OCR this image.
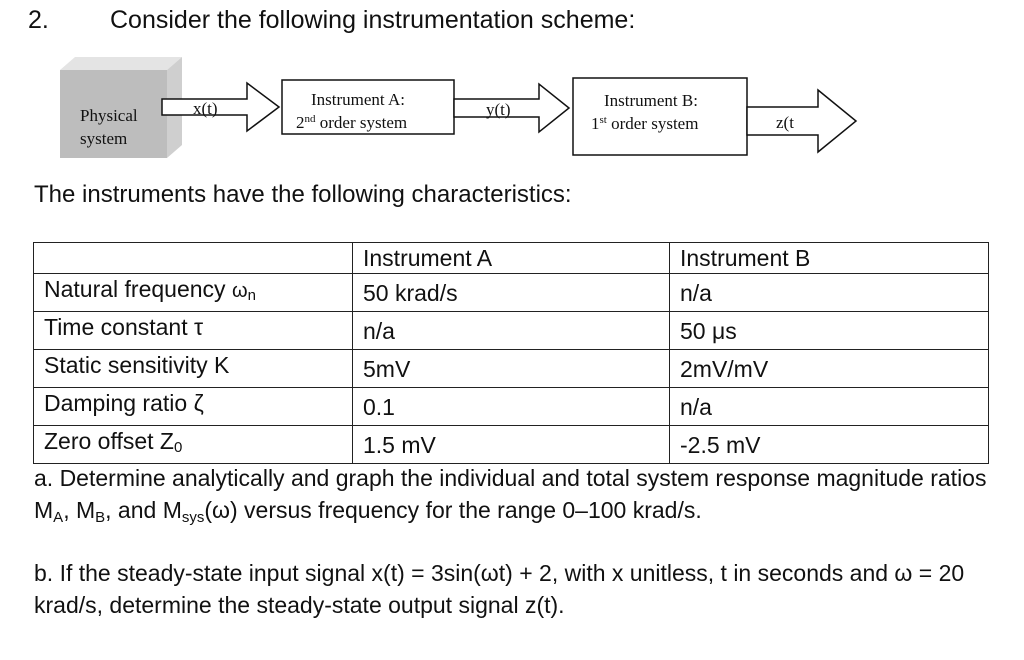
2. Consider the following instrumentation scheme:
Physical
system
x(t)	Instrument A:
2nd order system
y(t)	Instrument B:
1st order system	z(t
The instruments have the following characteristics:
	Instrument A	Instrument B
Natural frequency $\omega_n$	50 krad/s	n/a
Time constant τ	n/a	50 μs
Static sensitivity K	5mV	2mV/mV
Damping ratio ζ	0.1	n/a
Zero offset $Z_0$	1.5 mV	-2.5 mV

a. Determine analytically and graph the individual and total system response magnitude ratios MA, MB, and Msys(ω) versus frequency for the range 0–100 krad/s.

b. If the steady-state input signal x(t) = 3sin(ωt) + 2, with x unitless, t in seconds and ω = 20 krad/s, determine the steady-state output signal z(t).
